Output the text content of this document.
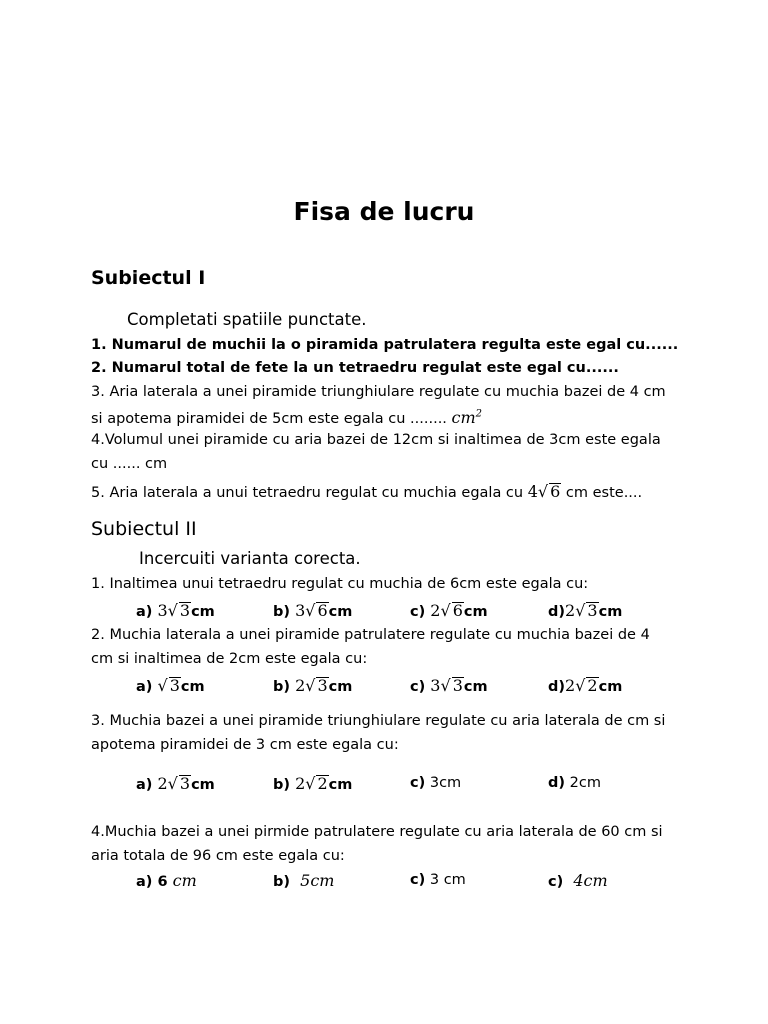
Fisa de lucru
Subiectul I
Completati spatiile punctate.
1. Numarul de muchii la o piramida patrulatera regulta este egal cu......
2. Numarul total de fete la un tetraedru regulat este egal cu......
3. Aria laterala a unei piramide triunghiulare regulate cu muchia bazei de 4 cm
si apotema piramidei de 5cm este egala cu ........ $cm^2$
4.Volumul unei piramide cu aria bazei de 12cm si inaltimea de 3cm este egala
cu ...... cm
5. Aria laterala a unui tetraedru regulat cu muchia egala cu 4√ 6 cm este....
Subiectul II
Incercuiti varianta corecta.
1. Inaltimea unui tetraedru regulat cu muchia de 6cm este egala cu:
a) 3√ 3cm	b) 3√ 6cm	c) 2√ 6cm	d)2√ 3cm
2. Muchia laterala a unei piramide patrulatere regulate cu muchia bazei de 4
cm si inaltimea de 2cm este egala cu:
a) √ 3cm	b) 2√ 3cm	c) 3√ 3cm	d)2√ 2cm
3. Muchia bazei a unei piramide triunghiulare regulate cu aria laterala de cm si
apotema piramidei de 3 cm este egala cu:
a) 2√ 3cm	b) 2√ 2cm	c) 3cm	d) 2cm
4.Muchia bazei a unei pirmide patrulatere regulate cu aria laterala de 60 cm si
aria totala de 96 cm este egala cu:
a) 6 cm	b) 5cm	c) 3 cm	c) 4cm
